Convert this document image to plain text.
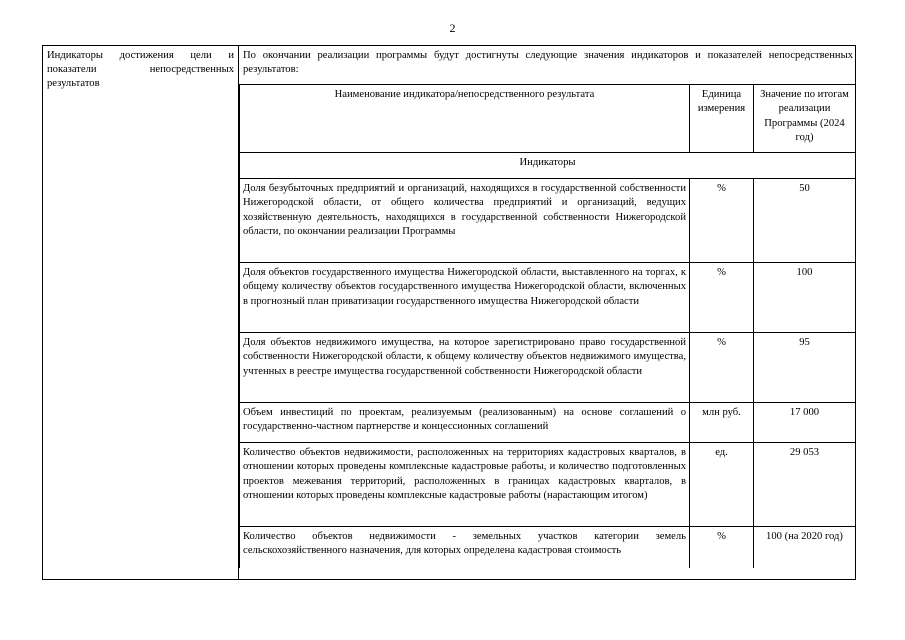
2
Индикаторы достижения цели и показатели непосредственных результатов
По окончании реализации программы будут достигнуты следующие значения индикаторов и показателей непосредственных результатов:
Наименование индикатора/непосредственного результата	Единица измерения	Значение по итогам реализации Программы (2024 год)
Индикаторы		
Доля безубыточных предприятий и организаций, находящихся в государственной собственности Нижегородской области, от общего количества предприятий и организаций, ведущих хозяйственную деятельность, находящихся в государственной собственности Нижегородской области, по окончании реализации Программы	%	50
Доля объектов государственного имущества Нижегородской области, выставленного на торгах, к общему количеству объектов государственного имущества Нижегородской области, включенных в прогнозный план приватизации государственного имущества Нижегородской области	%	100
Доля объектов недвижимого имущества, на которое зарегистрировано право государственной собственности Нижегородской области, к общему количеству объектов недвижимого имущества, учтенных в реестре имущества государственной собственности Нижегородской области	%	95
Объем инвестиций по проектам, реализуемым (реализованным) на основе соглашений о государственно-частном партнерстве и концессионных соглашений	млн руб.	17 000
Количество объектов недвижимости, расположенных на территориях кадастровых кварталов, в отношении которых проведены комплексные кадастровые работы, и количество подготовленных проектов межевания территорий, расположенных в границах кадастровых кварталов, в отношении которых проведены комплексные кадастровые работы (нарастающим итогом)	ед.	29 053

Количество объектов недвижимости - земельных участков категории земель сельскохозяйственного назначения, для которых определена кадастровая стоимость	%	100 (на 2020 год)
